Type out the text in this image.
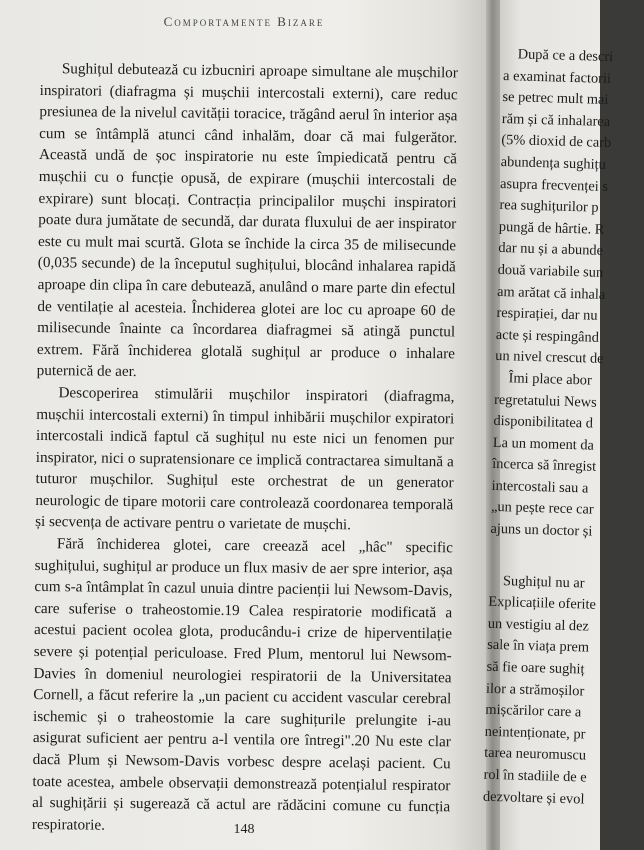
Comportamente Bizare

Sughițul debutează cu izbucniri aproape simultane ale mușchilor inspiratori (diafragma și mușchii intercostali externi), care reduc presiunea de la nivelul cavității toracice, trăgând aerul în interior așa cum se întâmplă atunci când inhalăm, doar că mai fulgerător. Această undă de șoc inspiratorie nu este împiedicată pentru că mușchii cu o funcție opusă, de expirare (mușchii intercostali de expirare) sunt blocați. Contracția principalilor mușchi inspiratori poate dura jumătate de secundă, dar durata fluxului de aer inspirator este cu mult mai scurtă. Glota se închide la circa 35 de milisecunde (0,035 secunde) de la începutul sughițului, blocând inhalarea rapidă aproape din clipa în care debutează, anulând o mare parte din efectul de ventilație al acesteia. Închiderea glotei are loc cu aproape 60 de milisecunde înainte ca încordarea diafragmei să atingă punctul extrem. Fără închiderea glotală sughițul ar produce o inhalare puternică de aer.

Descoperirea stimulării mușchilor inspiratori (diafragma, mușchii intercostali externi) în timpul inhibării mușchilor expiratori intercostali indică faptul că sughițul nu este nici un fenomen pur inspirator, nici o supratensionare ce implică contractarea simultană a tuturor mușchilor. Sughițul este orchestrat de un generator neurologic de tipare motorii care controlează coordonarea temporală și secvența de activare pentru o varietate de mușchi.

Fără închiderea glotei, care creează acel „hâc" specific sughițului, sughițul ar produce un flux masiv de aer spre interior, așa cum s-a întâmplat în cazul unuia dintre pacienții lui Newsom-Davis, care suferise o traheostomie.19 Calea respiratorie modificată a acestui pacient ocolea glota, producându-i crize de hiperventilație severe și potențial periculoase. Fred Plum, mentorul lui Newsom-Davies în domeniul neurologiei respiratorii de la Universitatea Cornell, a făcut referire la „un pacient cu accident vascular cerebral ischemic și o traheostomie la care sughițurile prelungite i-au asigurat suficient aer pentru a-l ventila ore întregi".20 Nu este clar dacă Plum și Newsom-Davis vorbesc despre același pacient. Cu toate acestea, ambele observații demonstrează potențialul respirator al sughițării și sugerează că actul are rădăcini comune cu funcția respiratorie.	148
După ce a descri
a examinat factorii
se petrec mult mai
răm și că inhalarea
(5% dioxid de carb
abundența sughițu
asupra frecvenței s
rea sughițurilor p
pungă de hârtie. R
dar nu și a abunde
două variabile sun
am arătat că inhala
respirației, dar nu
acte și respingând
un nivel crescut de
Îmi place abor
regretatului News
disponibilitatea d
La un moment da
încerca să înregist
intercostali sau a
„un pește rece car
ajuns un doctor și
Sughițul nu ar
Explicațiile oferite
un vestigiu al dez
sale în viața prem
să fie oare sughiț
ilor a strămoșilor
mișcărilor care a
neintenționate, pr
tarea neuromuscu
rol în stadiile de e
dezvoltare și evol
